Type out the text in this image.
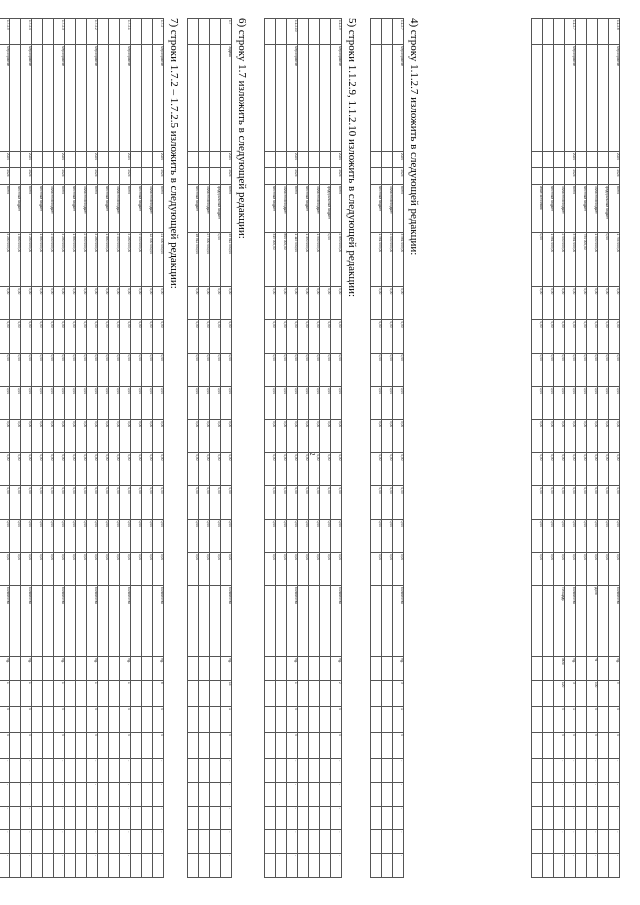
2
1.1.2.6	Мероприятие	2020	2024	всего	1 754 000,00	0,00	0,00	0,00	0,00	0,00	0,00	0,00	0,00	0,00	Количество	ед.	5	0	0	-	-	-	-	-
				федеральный бюджет	0,00	0,00	0,00	0,00	0,00	0,00	0,00	0,00	0,00	0,00										
				областной бюджет	1 000 000,00	0,00	0,00	0,00	0,00	0,00	0,00	0,00	0,00	0,00	Доля	%	100	0	0	-	-	-	-	-
				местный бюджет	754 000,00	0,00	0,00	0,00	0,00	0,00	0,00	0,00	0,00	0,00										
1.1.2.7	Мероприятие	2020	2024	всего	3 561 000,00	0,00	0,00	0,00	0,00	0,00	0,00	0,00	0,00	0,00	Количество	ед.	3	1	0	-	-	-	-	-
				областной бюджет	2 000 000,00	0,00	0,00	0,00	0,00	0,00	0,00	0,00	0,00	0,00	Площадь	кв.м	120	0	0	-	-	-	-	-
				местный бюджет	1 561 000,00	0,00	0,00	0,00	0,00	0,00	0,00	0,00	0,00	0,00										
				иные источники	0,00	0,00	0,00	0,00	0,00	0,00	0,00	0,00	0,00	0,00										
4) строку 1.1.2.7 изложить в следующей редакции:
1.1.2.7	Мероприятие	2020	2024	всего	3 561 000,00	0,00	0,00	0,00	0,00	0,00	0,00	0,00	0,00	0,00	Количество	ед.	3	1	0	-	-	-	-	-
				областной бюджет	2 000 000,00	0,00	0,00	0,00	0,00	0,00	0,00	0,00	0,00	0,00										
				местный бюджет	1 561 000,00	0,00	0,00	0,00	0,00	0,00	0,00	0,00	0,00	0,00										
5) строки 1.1.2.9, 1.1.2.10 изложить в следующей редакции:
1.1.2.9	Мероприятие	2020	2024	всего	2 890 000,00	0,00	0,00	0,00	0,00	0,00	0,00	0,00	0,00	0,00	Количество	ед.	2	0	0	-	-	-	-	-
				федеральный бюджет	0,00	0,00	0,00	0,00	0,00	0,00	0,00	0,00	0,00	0,00										
				областной бюджет	1 500 000,00	0,00	0,00	0,00	0,00	0,00	0,00	0,00	0,00	0,00										
				местный бюджет	1 390 000,00	0,00	0,00	0,00	0,00	0,00	0,00	0,00	0,00	0,00										
1.1.2.10	Мероприятие	2020	2024	всего	1 115 000,00	0,00	0,00	0,00	0,00	0,00	0,00	0,00	0,00	0,00	Количество	ед.	1	0	0	-	-	-	-	-
				областной бюджет	800 000,00	0,00	0,00	0,00	0,00	0,00	0,00	0,00	0,00	0,00										
				местный бюджет	315 000,00	0,00	0,00	0,00	0,00	0,00	0,00	0,00	0,00	0,00										
6) строку 1.7 изложить в следующей редакции:
1.7	Задача	2020	2024	всего	45 812 000,00	0,00	0,00	0,00	0,00	0,00	0,00	0,00	0,00	0,00	Количество	ед.	14	1	0	-	-	-	-	-
				федеральный бюджет	0,00	0,00	0,00	0,00	0,00	0,00	0,00	0,00	0,00	0,00										
				областной бюджет	27 000 000,00	0,00	0,00	0,00	0,00	0,00	0,00	0,00	0,00	0,00										
				местный бюджет	18 812 000,00	0,00	0,00	0,00	0,00	0,00	0,00	0,00	0,00	0,00										
7) строки 1.7.2 – 1.7.2.5 изложить в следующей редакции:
1.7.2	Мероприятие	2020	2024	всего	21 400 000,00	0,00	0,00	0,00	0,00	0,00	0,00	0,00	0,00	0,00	Количество	ед.	6	0	0	-	-	-	-	-
				областной бюджет	12 000 000,00	0,00	0,00	0,00	0,00	0,00	0,00	0,00	0,00	0,00										
				местный бюджет	9 400 000,00	0,00	0,00	0,00	0,00	0,00	0,00	0,00	0,00	0,00										
1.7.2.1	Мероприятие	2020	2024	всего	4 280 000,00	0,00	0,00	0,00	0,00	0,00	0,00	0,00	0,00	0,00	Количество	ед.	1	0	0	-	-	-	-	-
				областной бюджет	2 400 000,00	0,00	0,00	0,00	0,00	0,00	0,00	0,00	0,00	0,00										
				местный бюджет	1 880 000,00	0,00	0,00	0,00	0,00	0,00	0,00	0,00	0,00	0,00										
1.7.2.2	Мероприятие	2020	2024	всего	4 280 000,00	0,00	0,00	0,00	0,00	0,00	0,00	0,00	0,00	0,00	Количество	ед.	1	0	0	-	-	-	-	-
				областной бюджет	2 400 000,00	0,00	0,00	0,00	0,00	0,00	0,00	0,00	0,00	0,00										
				местный бюджет	1 880 000,00	0,00	0,00	0,00	0,00	0,00	0,00	0,00	0,00	0,00										
1.7.2.3	Мероприятие	2020	2024	всего	4 280 000,00	0,00	0,00	0,00	0,00	0,00	0,00	0,00	0,00	0,00	Количество	ед.	1	0	0	-	-	-	-	-
				областной бюджет	2 400 000,00	0,00	0,00	0,00	0,00	0,00	0,00	0,00	0,00	0,00										
				местный бюджет	1 880 000,00	0,00	0,00	0,00	0,00	0,00	0,00	0,00	0,00	0,00										
1.7.2.4	Мероприятие	2020	2024	всего	4 280 000,00	0,00	0,00	0,00	0,00	0,00	0,00	0,00	0,00	0,00	Количество	ед.	1	0	0	-	-	-	-	-
				местный бюджет	1 880 000,00	0,00	0,00	0,00	0,00	0,00	0,00	0,00	0,00	0,00										
1.7.2.5	Мероприятие	2020	2024	всего	4 280 000,00	0,00	0,00	0,00	0,00	0,00	0,00	0,00	0,00	0,00	Количество	ед.	1	0	0	-	-	-	-	-
